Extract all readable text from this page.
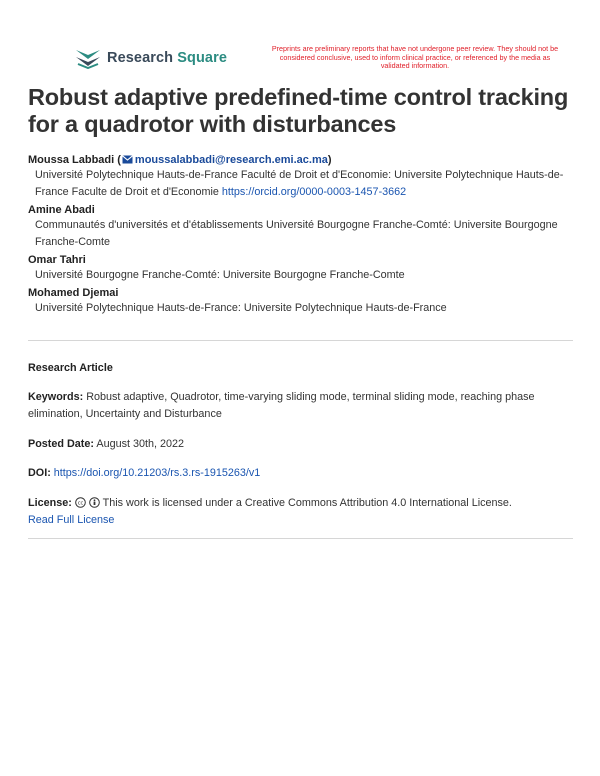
Research Square
Preprints are preliminary reports that have not undergone peer review. They should not be considered conclusive, used to inform clinical practice, or referenced by the media as validated information.
Robust adaptive predefined-time control tracking for a quadrotor with disturbances
Moussa Labbadi ( moussalabbadi@research.emi.ac.ma)
Université Polytechnique Hauts-de-France Faculté de Droit et d'Economie: Universite Polytechnique Hauts-de-France Faculte de Droit et d'Economie https://orcid.org/0000-0003-1457-3662
Amine Abadi
Communautés d'universités et d'établissements Université Bourgogne Franche-Comté: Universite Bourgogne Franche-Comte
Omar Tahri
Université Bourgogne Franche-Comté: Universite Bourgogne Franche-Comte
Mohamed Djemai
Université Polytechnique Hauts-de-France: Universite Polytechnique Hauts-de-France
Research Article
Keywords: Robust adaptive, Quadrotor, time-varying sliding mode, terminal sliding mode, reaching phase elimination, Uncertainty and Disturbance
Posted Date: August 30th, 2022
DOI: https://doi.org/10.21203/rs.3.rs-1915263/v1
License: cc This work is licensed under a Creative Commons Attribution 4.0 International License.
Read Full License
